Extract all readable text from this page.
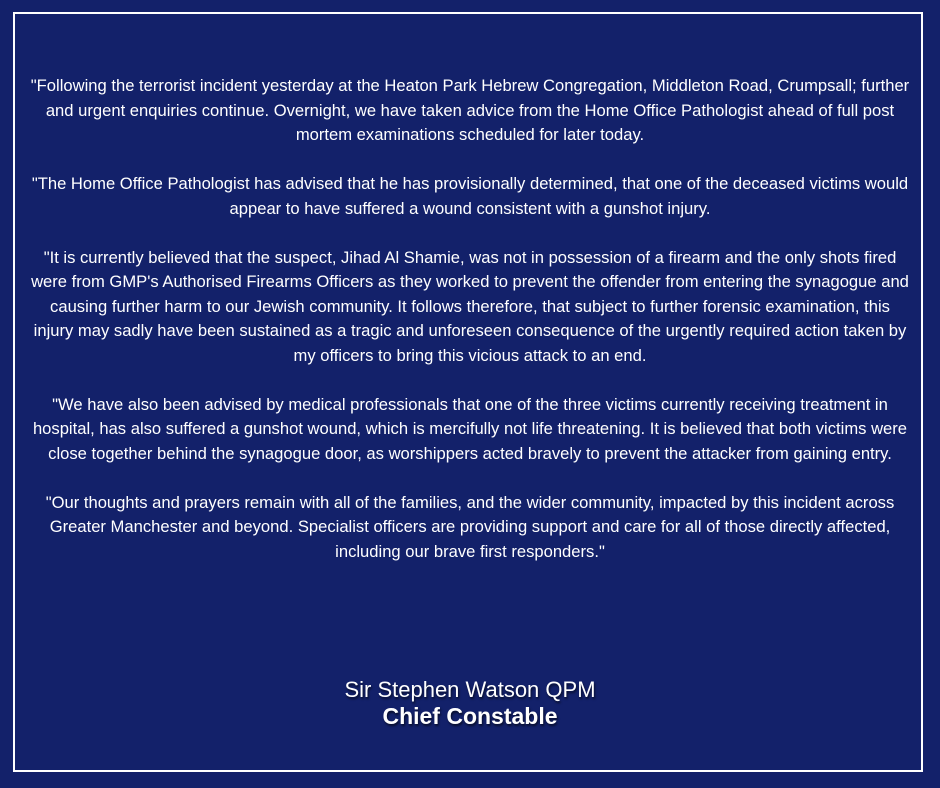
"Following the terrorist incident yesterday at the Heaton Park Hebrew Congregation, Middleton Road, Crumpsall; further and urgent enquiries continue. Overnight, we have taken advice from the Home Office Pathologist ahead of full post mortem examinations scheduled for later today.

"The Home Office Pathologist has advised that he has provisionally determined, that one of the deceased victims would appear to have suffered a wound consistent with a gunshot injury.

"It is currently believed that the suspect, Jihad Al Shamie, was not in possession of a firearm and the only shots fired were from GMP's Authorised Firearms Officers as they worked to prevent the offender from entering the synagogue and causing further harm to our Jewish community. It follows therefore, that subject to further forensic examination, this injury may sadly have been sustained as a tragic and unforeseen consequence of the urgently required action taken by my officers to bring this vicious attack to an end.

"We have also been advised by medical professionals that one of the three victims currently receiving treatment in hospital, has also suffered a gunshot wound, which is mercifully not life threatening. It is believed that both victims were close together behind the synagogue door, as worshippers acted bravely to prevent the attacker from gaining entry.

"Our thoughts and prayers remain with all of the families, and the wider community, impacted by this incident across Greater Manchester and beyond. Specialist officers are providing support and care for all of those directly affected, including our brave first responders."

Sir Stephen Watson QPM
Chief Constable
